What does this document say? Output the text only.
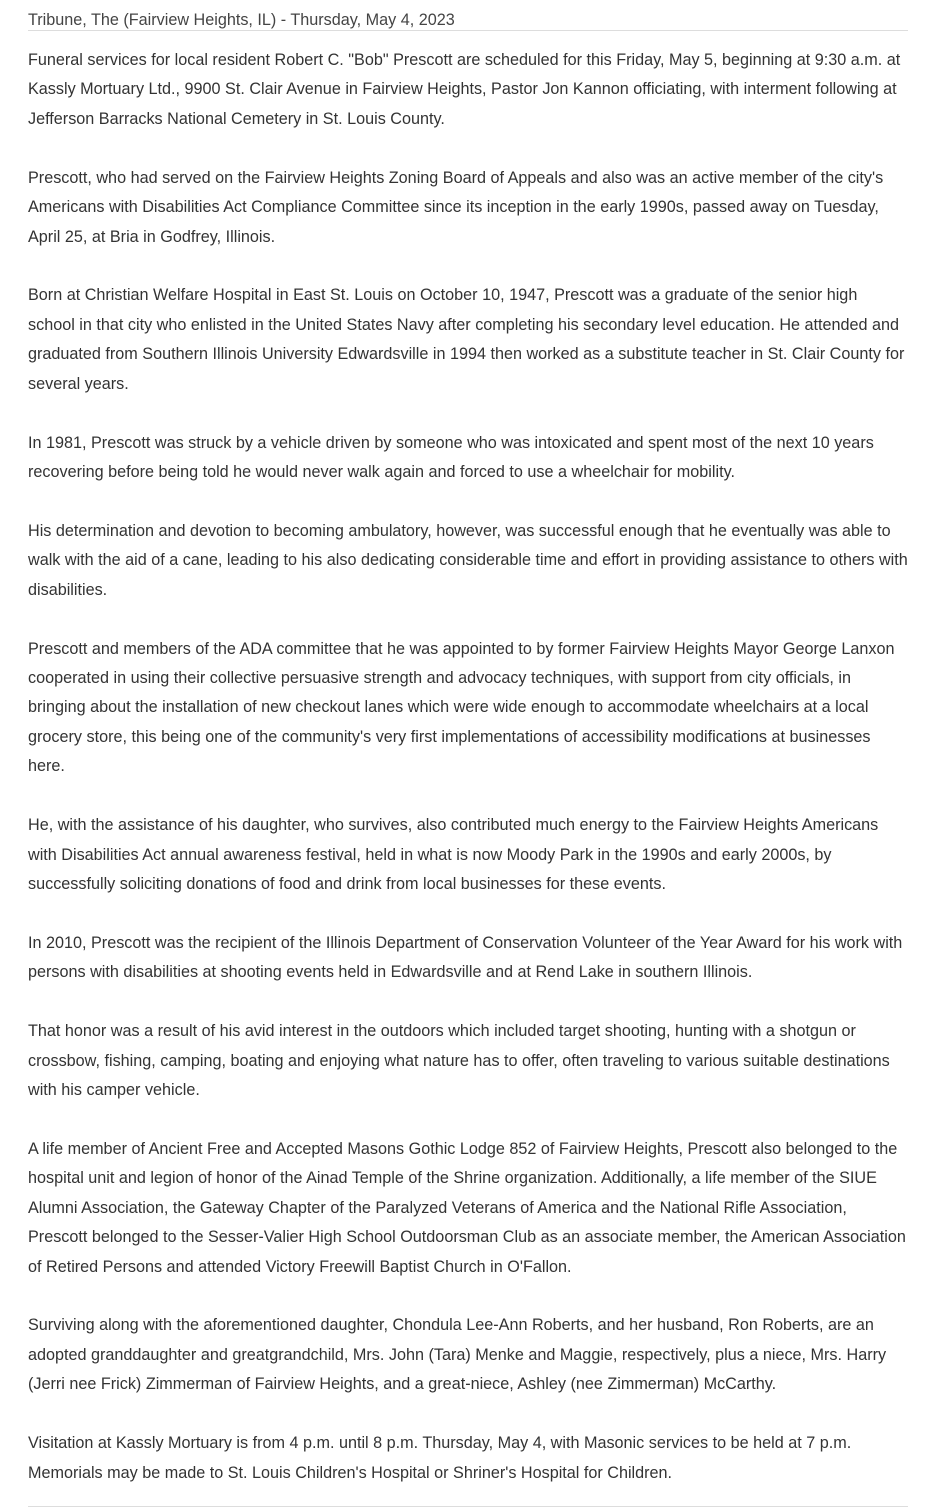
Tribune, The (Fairview Heights, IL) - Thursday, May 4, 2023

Funeral services for local resident Robert C. "Bob" Prescott are scheduled for this Friday, May 5, beginning at 9:30 a.m. at Kassly Mortuary Ltd., 9900 St. Clair Avenue in Fairview Heights, Pastor Jon Kannon officiating, with interment following at Jefferson Barracks National Cemetery in St. Louis County.

Prescott, who had served on the Fairview Heights Zoning Board of Appeals and also was an active member of the city's Americans with Disabilities Act Compliance Committee since its inception in the early 1990s, passed away on Tuesday, April 25, at Bria in Godfrey, Illinois.

Born at Christian Welfare Hospital in East St. Louis on October 10, 1947, Prescott was a graduate of the senior high school in that city who enlisted in the United States Navy after completing his secondary level education. He attended and graduated from Southern Illinois University Edwardsville in 1994 then worked as a substitute teacher in St. Clair County for several years.

In 1981, Prescott was struck by a vehicle driven by someone who was intoxicated and spent most of the next 10 years recovering before being told he would never walk again and forced to use a wheelchair for mobility.

His determination and devotion to becoming ambulatory, however, was successful enough that he eventually was able to walk with the aid of a cane, leading to his also dedicating considerable time and effort in providing assistance to others with disabilities.

Prescott and members of the ADA committee that he was appointed to by former Fairview Heights Mayor George Lanxon cooperated in using their collective persuasive strength and advocacy techniques, with support from city officials, in bringing about the installation of new checkout lanes which were wide enough to accommodate wheelchairs at a local grocery store, this being one of the community's very first implementations of accessibility modifications at businesses here.

He, with the assistance of his daughter, who survives, also contributed much energy to the Fairview Heights Americans with Disabilities Act annual awareness festival, held in what is now Moody Park in the 1990s and early 2000s, by successfully soliciting donations of food and drink from local businesses for these events.

In 2010, Prescott was the recipient of the Illinois Department of Conservation Volunteer of the Year Award for his work with persons with disabilities at shooting events held in Edwardsville and at Rend Lake in southern Illinois.

That honor was a result of his avid interest in the outdoors which included target shooting, hunting with a shotgun or crossbow, fishing, camping, boating and enjoying what nature has to offer, often traveling to various suitable destinations with his camper vehicle.

A life member of Ancient Free and Accepted Masons Gothic Lodge 852 of Fairview Heights, Prescott also belonged to the hospital unit and legion of honor of the Ainad Temple of the Shrine organization. Additionally, a life member of the SIUE Alumni Association, the Gateway Chapter of the Paralyzed Veterans of America and the National Rifle Association, Prescott belonged to the Sesser-Valier High School Outdoorsman Club as an associate member, the American Association of Retired Persons and attended Victory Freewill Baptist Church in O'Fallon.

Surviving along with the aforementioned daughter, Chondula Lee-Ann Roberts, and her husband, Ron Roberts, are an adopted granddaughter and greatgrandchild, Mrs. John (Tara) Menke and Maggie, respectively, plus a niece, Mrs. Harry (Jerri nee Frick) Zimmerman of Fairview Heights, and a great-niece, Ashley (nee Zimmerman) McCarthy.

Visitation at Kassly Mortuary is from 4 p.m. until 8 p.m. Thursday, May 4, with Masonic services to be held at 7 p.m. Memorials may be made to St. Louis Children's Hospital or Shriner's Hospital for Children.
